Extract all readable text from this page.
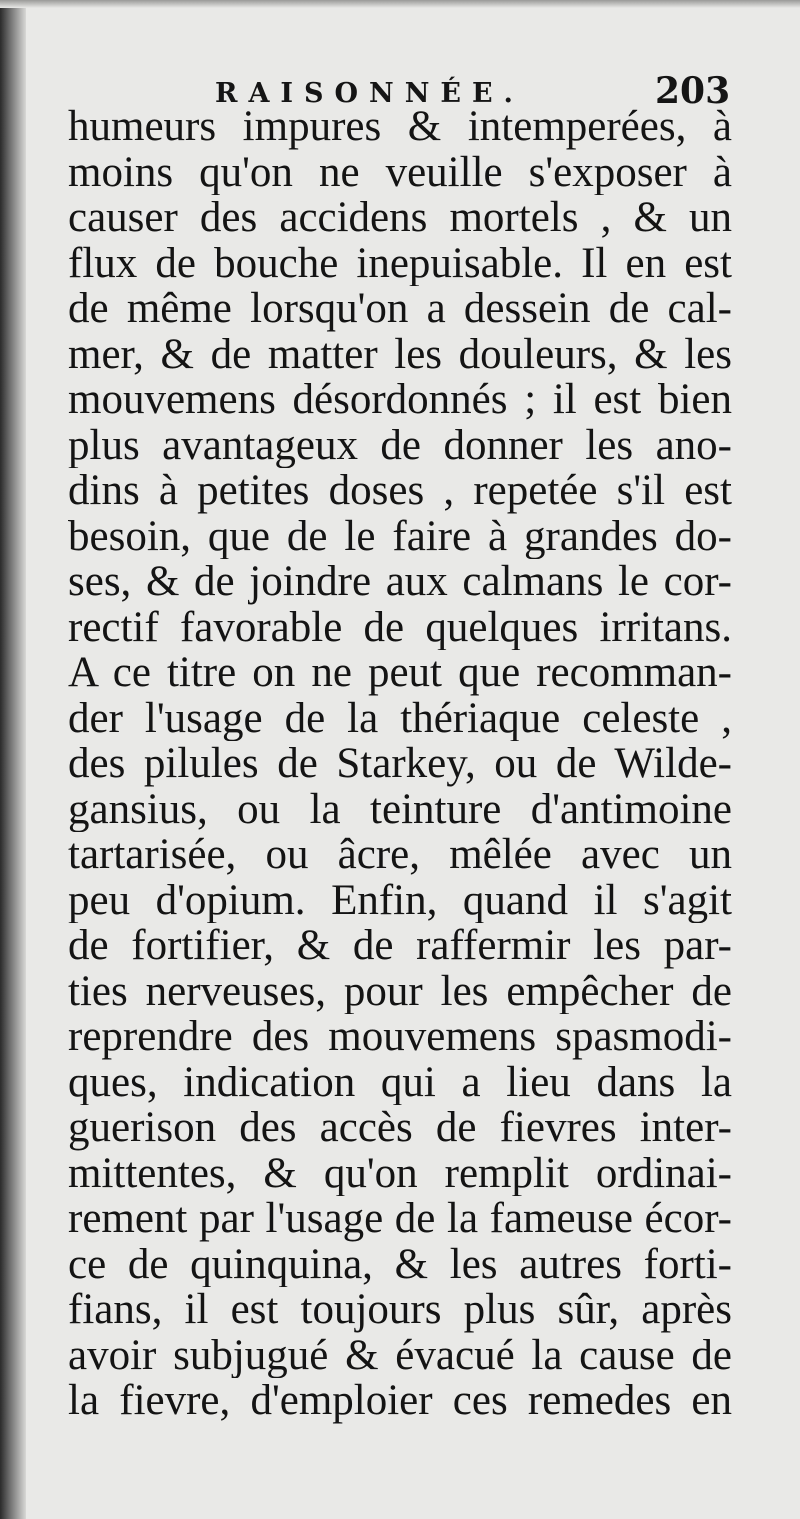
RAISONNÉE.	203
humeurs impures & intemperées, à
moins qu'on ne veuille s'exposer à
causer des accidens mortels , & un
flux de bouche inepuisable. Il en est
de même lorsqu'on a dessein de cal-
mer, & de matter les douleurs, & les
mouvemens désordonnés ; il est bien
plus avantageux de donner les ano-
dins à petites doses , repetée s'il est
besoin, que de le faire à grandes do-
ses, & de joindre aux calmans le cor-
rectif favorable de quelques irritans.
A ce titre on ne peut que recomman-
der l'usage de la thériaque celeste ,
des pilules de Starkey, ou de Wilde-
gansius, ou la teinture d'antimoine
tartarisée, ou âcre, mêlée avec un
peu d'opium. Enfin, quand il s'agit
de fortifier, & de raffermir les par-
ties nerveuses, pour les empêcher de
reprendre des mouvemens spasmodi-
ques, indication qui a lieu dans la
guerison des accès de fievres inter-
mittentes, & qu'on remplit ordinai-
rement par l'usage de la fameuse écor-
ce de quinquina, & les autres forti-
fians, il est toujours plus sûr, après
avoir subjugué & évacué la cause de
la fievre, d'emploier ces remedes en
